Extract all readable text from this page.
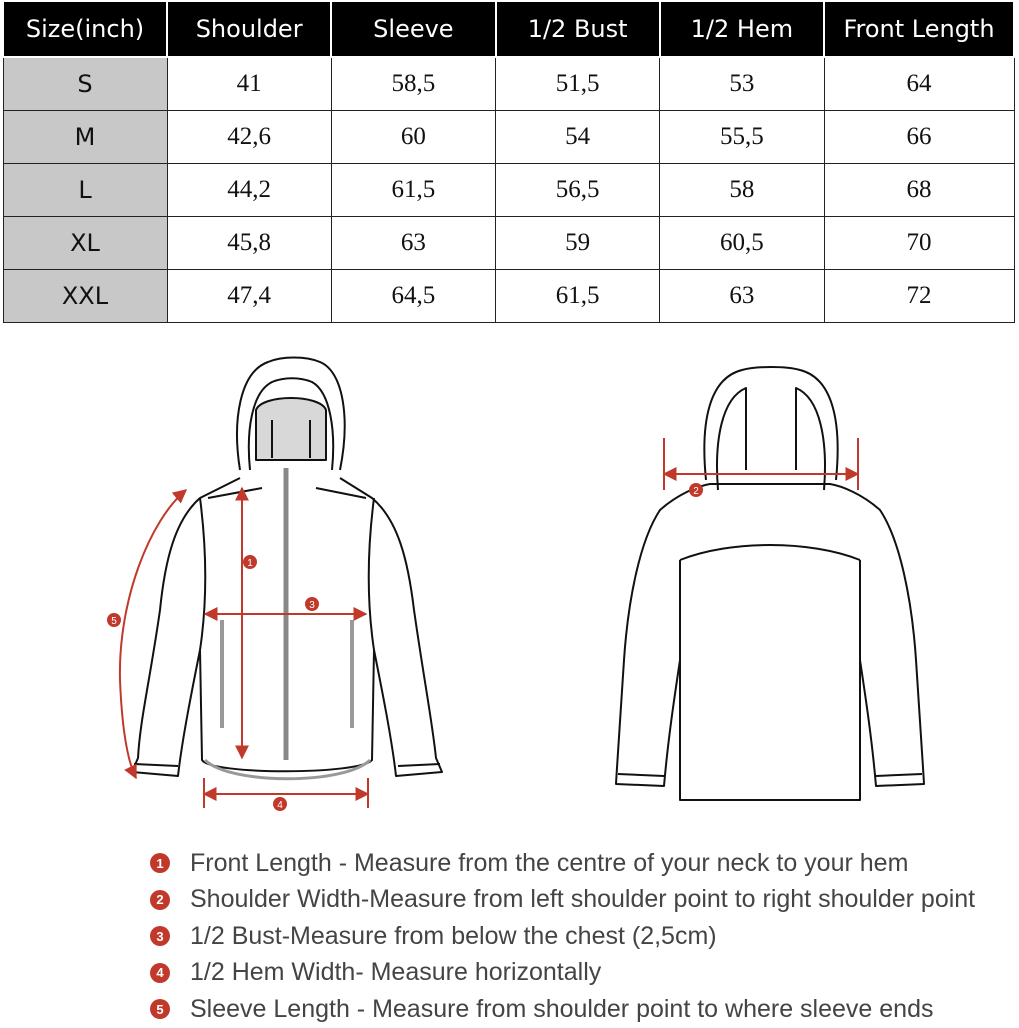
Size(inch)	Shoulder	Sleeve	1/2 Bust	1/2 Hem	Front Length
S	41	58,5	51,5	53	64
M	42,6	60	54	55,5	66
L	44,2	61,5	56,5	58	68
XL	45,8	63	59	60,5	70
XXL	47,4	64,5	61,5	63	72
1
2
3
4
5
1 Front Length - Measure from the centre of your neck to your hem
2 Shoulder Width-Measure from left shoulder point to right shoulder point
3 1/2 Bust-Measure from below the chest (2,5cm)
4 1/2 Hem Width- Measure horizontally
5 Sleeve Length - Measure from shoulder point to where sleeve ends
